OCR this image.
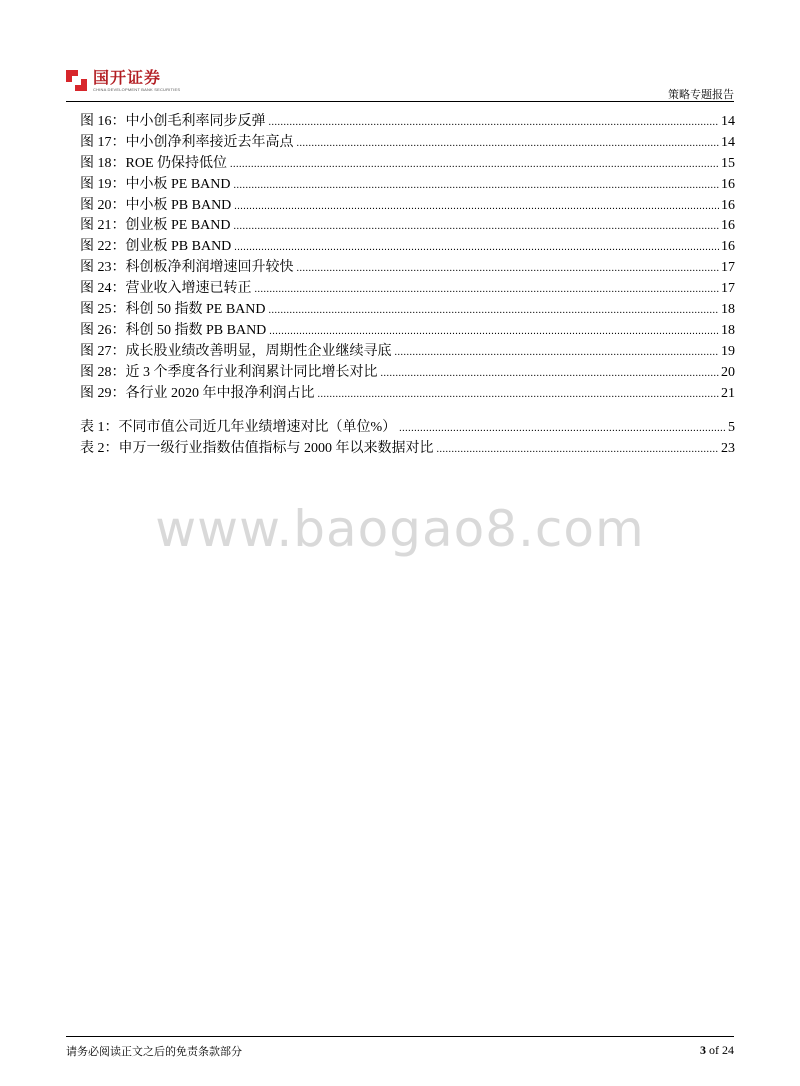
国开证券
CHINA DEVELOPMENT BANK SECURITIES	策略专题报告
图 16：中小创毛利率同步反弹 .....	14
图 17：中小创净利率接近去年高点 .....	14
图 18：ROE 仍保持低位 .....	15
图 19：中小板 PE BAND .....	16
图 20：中小板 PB BAND .....	16
图 21：创业板 PE BAND .....	16
图 22：创业板 PB BAND .....	16
图 23：科创板净利润增速回升较快 .....	17
图 24：营业收入增速已转正 .....	17
图 25：科创 50 指数 PE BAND .....	18
图 26：科创 50 指数 PB BAND .....	18
图 27：成长股业绩改善明显，周期性企业继续寻底 .....	19
图 28：近 3 个季度各行业利润累计同比增长对比 .....	20
图 29：各行业 2020 年中报净利润占比 .....	21
表 1：不同市值公司近几年业绩增速对比（单位%） .....	5
表 2：申万一级行业指数估值指标与 2000 年以来数据对比 .....	23
www.baogao8.com
请务必阅读正文之后的免责条款部分	3 of 24
